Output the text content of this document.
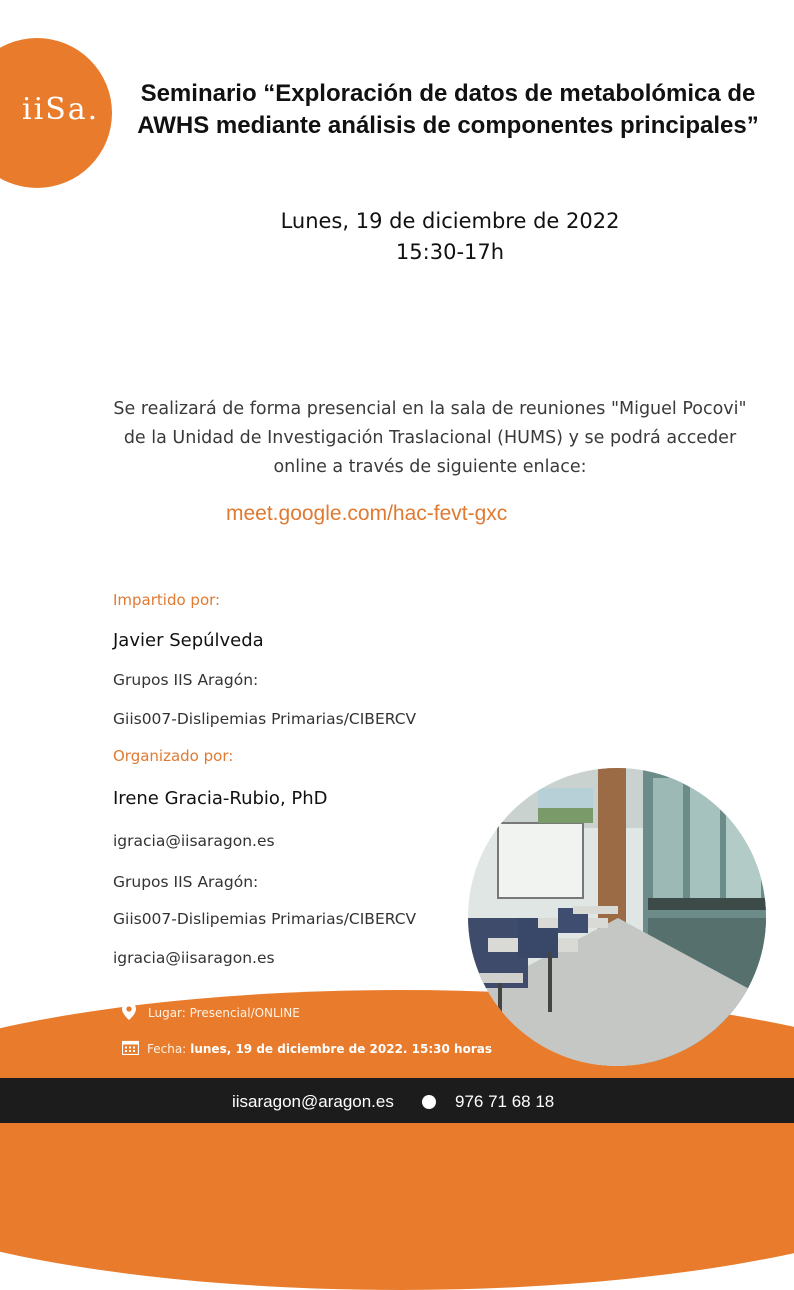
iiSa.	Seminario “Exploración de datos de metabolómica de AWHS mediante análisis de componentes principales”
Lunes, 19 de diciembre de 2022
15:30-17h
Se realizará de forma presencial en la sala de reuniones "Miguel Pocovi" de la Unidad de Investigación Traslacional (HUMS) y se podrá acceder online a través de siguiente enlace:
meet.google.com/hac-fevt-gxc
Impartido por:
Javier Sepúlveda
Grupos IIS Aragón:
Giis007-Dislipemias Primarias/CIBERCV
Organizado por:
Irene Gracia-Rubio, PhD
igracia@iisaragon.es
Grupos IIS Aragón:
Giis007-Dislipemias Primarias/CIBERCV
igracia@iisaragon.es
Lugar: Presencial/ONLINE
Fecha: lunes, 19 de diciembre de 2022. 15:30 horas
iisaragon@aragon.es	976 71 68 18
